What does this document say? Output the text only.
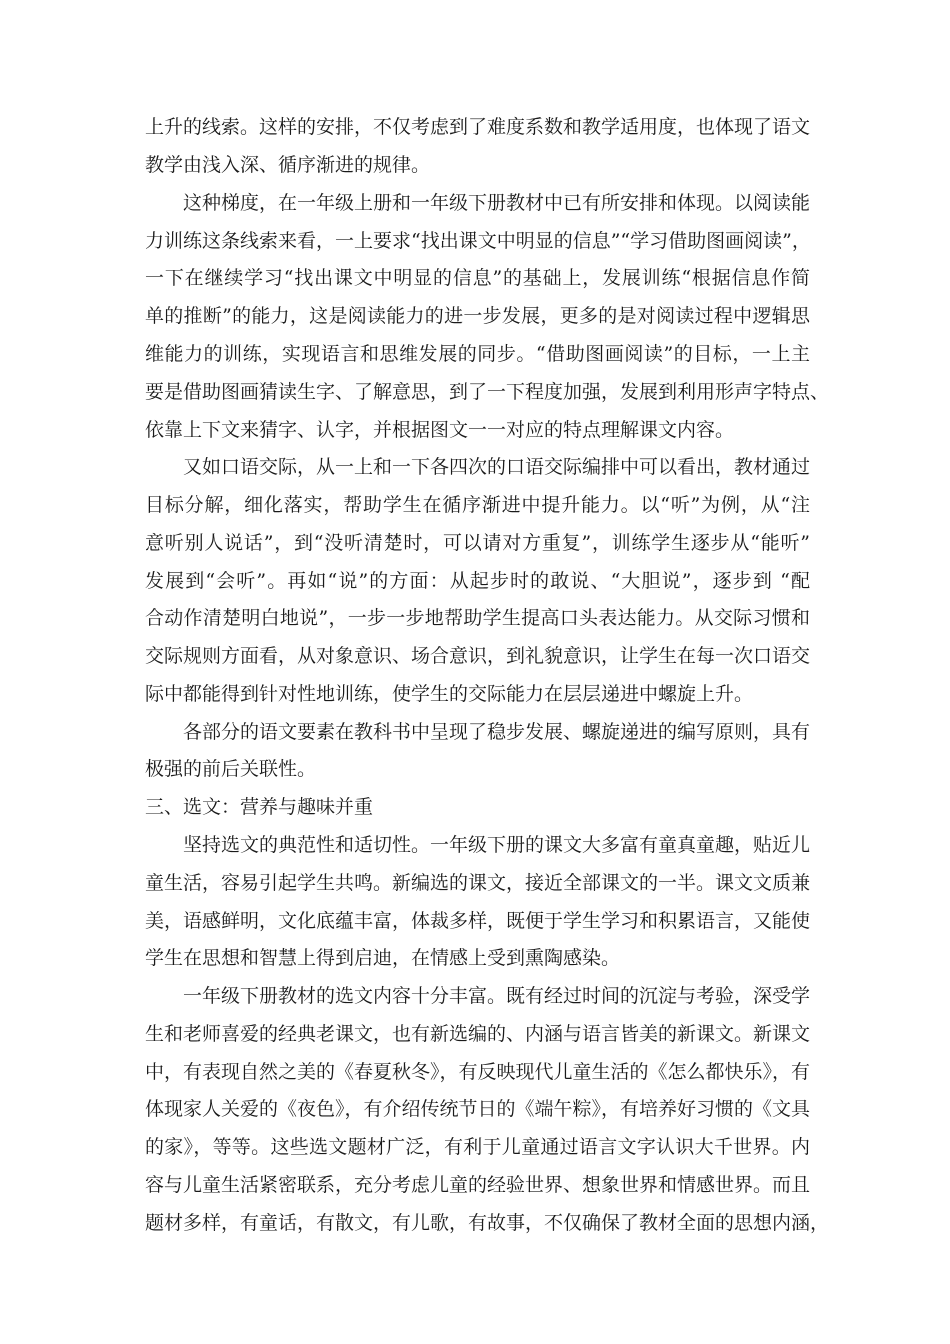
上升的线索。这样的安排，不仅考虑到了难度系数和教学适用度，也体现了语文
教学由浅入深、循序渐进的规律。
这种梯度，在一年级上册和一年级下册教材中已有所安排和体现。以阅读能
力训练这条线索来看，一上要求“找出课文中明显的信息”“学习借助图画阅读”，
一下在继续学习“找出课文中明显的信息”的基础上，发展训练“根据信息作简
单的推断”的能力，这是阅读能力的进一步发展，更多的是对阅读过程中逻辑思
维能力的训练，实现语言和思维发展的同步。“借助图画阅读”的目标，一上主
要是借助图画猜读生字、了解意思，到了一下程度加强，发展到利用形声字特点、
依靠上下文来猜字、认字，并根据图文一一对应的特点理解课文内容。
又如口语交际，从一上和一下各四次的口语交际编排中可以看出，教材通过
目标分解，细化落实，帮助学生在循序渐进中提升能力。以“听”为例，从“注
意听别人说话”，到“没听清楚时，可以请对方重复”，训练学生逐步从“能听”
发展到“会听”。再如“说”的方面：从起步时的敢说、“大胆说”，逐步到 “配
合动作清楚明白地说”，一步一步地帮助学生提高口头表达能力。从交际习惯和
交际规则方面看，从对象意识、场合意识，到礼貌意识，让学生在每一次口语交
际中都能得到针对性地训练，使学生的交际能力在层层递进中螺旋上升。
各部分的语文要素在教科书中呈现了稳步发展、螺旋递进的编写原则，具有
极强的前后关联性。
三、选文：营养与趣味并重
坚持选文的典范性和适切性。一年级下册的课文大多富有童真童趣，贴近儿
童生活，容易引起学生共鸣。新编选的课文，接近全部课文的一半。课文文质兼
美，语感鲜明，文化底蕴丰富，体裁多样，既便于学生学习和积累语言，又能使
学生在思想和智慧上得到启迪，在情感上受到熏陶感染。
一年级下册教材的选文内容十分丰富。既有经过时间的沉淀与考验，深受学
生和老师喜爱的经典老课文，也有新选编的、内涵与语言皆美的新课文。新课文
中，有表现自然之美的《春夏秋冬》，有反映现代儿童生活的《怎么都快乐》，有
体现家人关爱的《夜色》，有介绍传统节日的《端午粽》，有培养好习惯的《文具
的家》，等等。这些选文题材广泛，有利于儿童通过语言文字认识大千世界。内
容与儿童生活紧密联系，充分考虑儿童的经验世界、想象世界和情感世界。而且
题材多样，有童话，有散文，有儿歌，有故事，不仅确保了教材全面的思想内涵，
